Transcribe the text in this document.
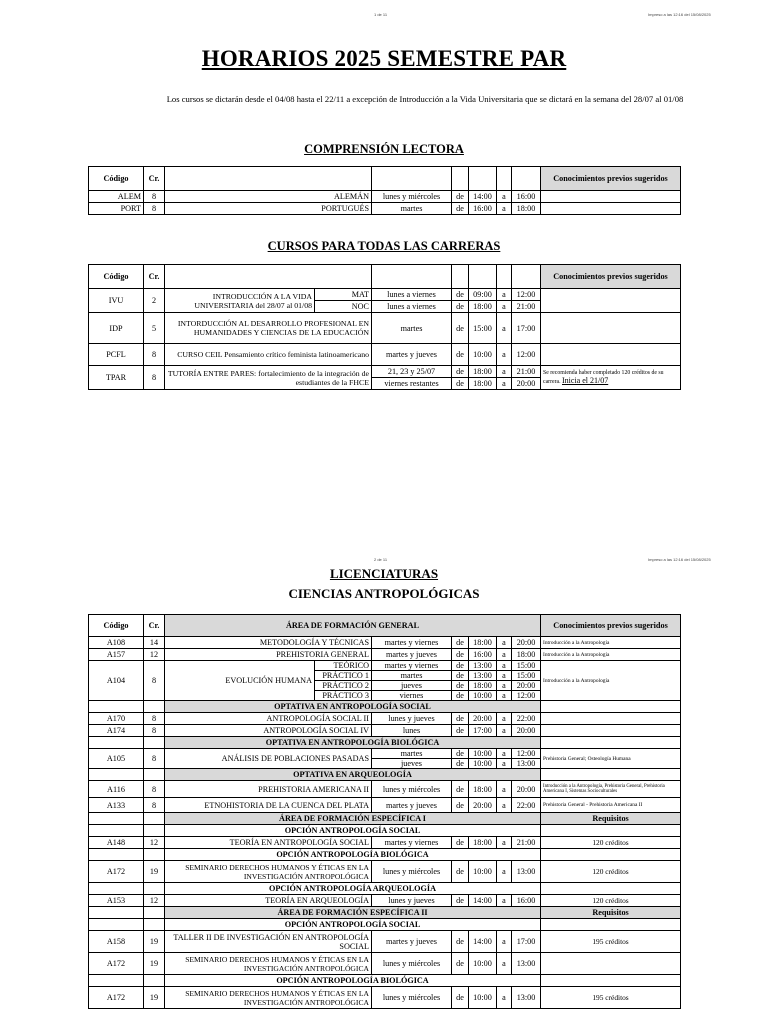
1 de 11	Impreso a las 12:16 del 15/08/2025
HORARIOS 2025 SEMESTRE PAR
Los cursos se dictarán desde el 04/08 hasta el 22/11 a excepción de Introducción a la Vida Universitaria que se dictará en la semana del 28/07 al 01/08
COMPRENSIÓN LECTORA
Código	Cr.							Conocimientos previos sugeridos
ALEM	8	ALEMÁN	lunes y miércoles	de	14:00	a	16:00	
PORT	8	PORTUGUÉS	martes	de	16:00	a	18:00	
CURSOS PARA TODAS LAS CARRERAS
Código	Cr.								Conocimientos previos sugeridos
IVU	2	INTRODUCCIÓN A LA VIDA UNIVERSITARIA del 28/07 al 01/08	MAT	lunes a viernes	de	09:00	a	12:00	
			NOC	lunes a viernes	de	18:00	a	21:00	
IDP	5	INTORDUCCIÓN AL DESARROLLO PROFESIONAL EN HUMANIDADES Y CIENCIAS DE LA EDUCACIÓN		martes	de	15:00	a	17:00	
PCFL	8	CURSO CEIL Pensamiento crítico feminista latinoamericano		martes y jueves	de	10:00	a	12:00	
TPAR	8	TUTORÍA ENTRE PARES: fortalecimiento de la integración de estudiantes de la FHCE		21, 23 y 25/07	de	18:00	a	21:00	Se recomienda haber completado 120 créditos de su carrera. Inicia el 21/07
				viernes restantes	de	18:00	a	20:00	
2 de 11	Impreso a las 12:16 del 15/08/2025
LICENCIATURAS
CIENCIAS ANTROPOLÓGICAS
Código	Cr.	ÁREA DE FORMACIÓN GENERAL							Conocimientos previos sugeridos
A108	14	METODOLOGÍA Y TÉCNICAS		martes y viernes	de	18:00	a	20:00	Introducción a la Antropología
A157	12	PREHISTORIA GENERAL		martes y jueves	de	16:00	a	18:00	Introducción a la Antropología
A104	8	EVOLUCIÓN HUMANA	TEÓRICO	martes y viernes	de	13:00	a	15:00	Introducción a la Antropología
			PRÁCTICO 1	martes	de	13:00	a	15:00	
			PRÁCTICO 2	jueves	de	18:00	a	20:00	
			PRÁCTICO 3	viernes	de	10:00	a	12:00	
		OPTATIVA EN ANTROPOLOGÍA SOCIAL							
A170	8	ANTROPOLOGÍA SOCIAL II		lunes y jueves	de	20:00	a	22:00	
A174	8	ANTROPOLOGÍA SOCIAL IV		lunes	de	17:00	a	20:00	
		OPTATIVA EN ANTROPOLOGÍA BIOLÓGICA							
A105	8	ANÁLISIS DE POBLACIONES PASADAS		martes	de	10:00	a	12:00	Prehistoria General; Osteología Humana
				jueves	de	10:00	a	13:00	
		OPTATIVA EN ARQUEOLOGÍA							
A116	8	PREHISTORIA AMERICANA II		lunes y miércoles	de	18:00	a	20:00	Introducción a la Antropología, Prehistoria General, Prehistoria Americana I, Sistemas Socioculturales
A133	8	ETNOHISTORIA DE LA CUENCA DEL PLATA		martes y jueves	de	20:00	a	22:00	Prehistoria General - Prehistoria Americana II
		ÁREA DE FORMACIÓN ESPECÍFICA I							Requisitos
		OPCIÓN ANTROPOLOGÍA SOCIAL							
A148	12	TEORÍA EN ANTROPOLOGÍA SOCIAL		martes y viernes	de	18:00	a	21:00	120 créditos
		OPCIÓN ANTROPOLOGÍA BIOLÓGICA							
A172	19	SEMINARIO DERECHOS HUMANOS Y ÉTICAS EN LA INVESTIGACIÓN ANTROPOLÓGICA		lunes y miércoles	de	10:00	a	13:00	120 créditos
		OPCIÓN ANTROPOLOGÍA ARQUEOLOGÍA							
A153	12	TEORÍA EN ARQUEOLOGÍA		lunes y jueves	de	14:00	a	16:00	120 créditos
		ÁREA DE FORMACIÓN ESPECÍFICA II							Requisitos
		OPCIÓN ANTROPOLOGÍA SOCIAL							
A158	19	TALLER II DE INVESTIGACIÓN EN ANTROPOLOGÍA SOCIAL		martes y jueves	de	14:00	a	17:00	195 créditos
A172	19	SEMINARIO DERECHOS HUMANOS Y ÉTICAS EN LA INVESTIGACIÓN ANTROPOLÓGICA		lunes y miércoles	de	10:00	a	13:00	
		OPCIÓN ANTROPOLOGÍA BIOLÓGICA							
A172	19	SEMINARIO DERECHOS HUMANOS Y ÉTICAS EN LA INVESTIGACIÓN ANTROPOLÓGICA		lunes y miércoles	de	10:00	a	13:00	195 créditos
